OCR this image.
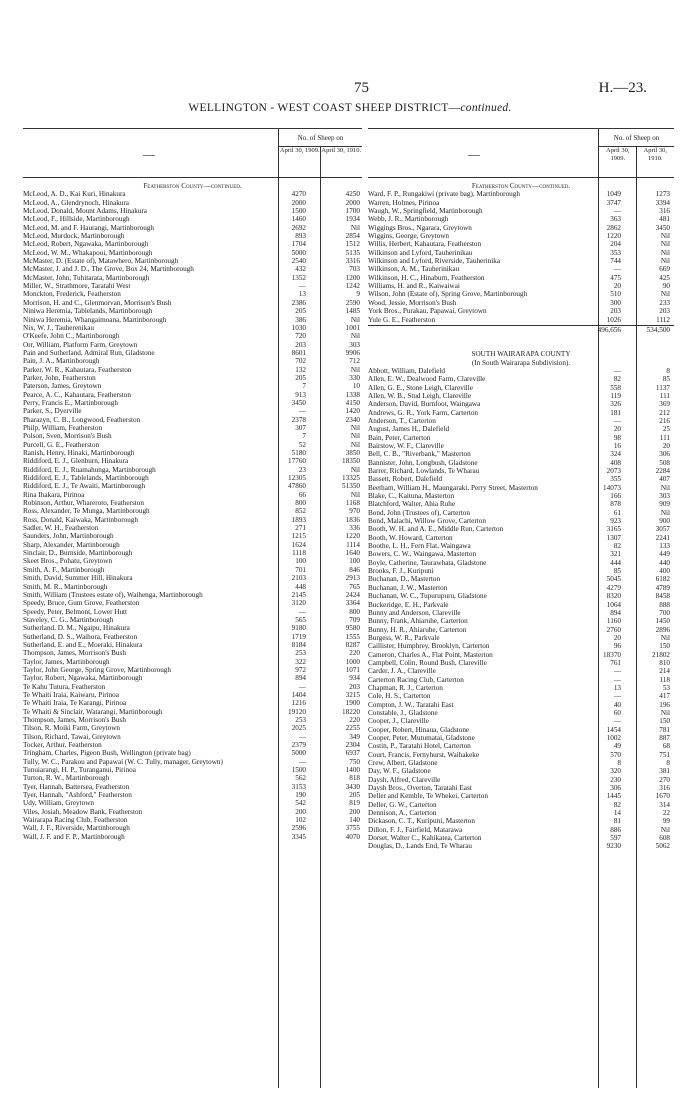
75	H.—23.
WELLINGTON - WEST COAST SHEEP DISTRICT—continued.
—
No. of Sheep on
April 30, 1909. April 30, 1910.
Featherston County—continued.
McLeod, A. D., Kai Kuri, Hinakura	4270	4250
McLeod, A., Glendrynoch, Hinakura	2000	2000
McLeod, Donald, Mount Adams, Hinakura	1500	1700
McLeod, F., Hillside, Martinborough	1460	1934
McLeod, M. and F. Haurangi, Martinborough	2692	Nil
McLeod, Murdock, Martinborough	893	2854
McLeod, Robert, Ngawaka, Martinborough	1704	1512
McLeod, W. M., Whakapoui, Martinborough	5000	5135
McMaster, D. (Estate of), Matawhero, Martinborough	2540	3316
McMaster, J. and J. D., The Grove, Box 24, Martinborough	432	703
McMaster, John, Tuhitarata, Martinborough	1352	1200
Miller, W., Strathmore, Taratahi West	—	1242
Monckton, Frederick, Featherston	13	9
Morrison, H. and C., Glenmorvan, Morrison's Bush	2386	2590
Niniwa Heremia, Tablelands, Martinborough	205	1485
Niniwa Heremia, Whangaimoana, Martinborough	386	Nil
Nix, W. J., Tauherenikau	1030	1001
O'Keefe, John C., Martinborough	720	Nil
Orr, William, Platform Farm, Greytown	203	303
Pain and Sutherland, Admiral Run, Gladstone	8601	9906
Pain, J. A., Martinborough	702	712
Parker, W. R., Kahautara, Featherston	132	Nil
Parker, John, Featherston	205	330
Paterson, James, Greytown	7	10
Pearce, A. C., Kahautara, Featherston	913	1338
Perry, Francis E., Martinborough	3450	4150
Parker, S., Dyerville	—	1420
Pharazyn, C. B., Longwood, Featherston	2378	2340
Philp, William, Featherston	307	Nil
Polson, Sven, Morrison's Bush	7	Nil
Purcell, G. E., Featherston	52	Nil
Ranish, Henry, Hinaki, Martinborough	5180	3850
Riddiford, E. J., Glenburn, Hinakura	17760	18350
Riddiford, E. J., Ruamahunga, Martinborough	23	Nil
Riddiford, E. J., Tablelands, Martinborough	12305	13325
Riddiford, E. J., Te Awaiti, Martinborough	47860	51350
Rina Ihakara, Pirinoa	66	Nil
Robinson, Arthur, Whareroto, Featherston	800	1168
Ross, Alexander, Te Munga, Martinborough	852	970
Ross, Donald, Kaiwaka, Martinborough	1893	1836
Sadler, W. H., Featherston	271	336
Saunders, John, Martinborough	1215	1220
Sharp, Alexander, Martinborough	1624	1114
Sinclair, D., Burnside, Martinborough	1118	1640
Skeet Bros., Pohatu, Greytown	100	100
Smith, A. F., Martinborough	701	846
Smith, David, Summer Hill, Hinakura	2103	2913
Smith, M. R., Martinborough	448	765
Smith, William (Trustees estate of), Waihenga, Martinborough	2145	2424
Speedy, Bruce, Gum Grove, Featherston	3120	3364
Speedy, Peter, Belmont, Lower Hutt	—	800
Staveley, C. G., Martinborough	565	709
Sutherland, D. M., Ngaipu, Hinakura	9180	9580
Sutherland, D. S., Waihora, Featherston	1719	1555
Sutherland, E. and E., Moeraki, Hinakura	8184	8287
Thompson, James, Morrison's Bush	253	220
Taylor, James, Martinborough	322	1000
Taylor, John George, Spring Grove, Martinborough	972	1071
Taylor, Robert, Ngawaka, Martinborough	894	934
Te Kahu Tutura, Featherston	—	203
Te Whaiti Iraia, Kaiwaru, Pirinoa	1404	3215
Te Whaiti Iraia, Te Karangi, Pirinoa	1216	1900
Te Whaiti & Sinclair, Watarangi, Martinborough	19120	18220
Thompson, James, Morrison's Bush	253	220
Tilson, R. Moiki Farm, Greytown	2025	2255
Tilson, Richard, Tawai, Greytown	—	349
Tocker, Arthur, Featherston	2379	2304
Tringham, Charles, Pigeon Bush, Wellington (private bag)	5000	6937
Tully, W. C., Parakou and Papawai (W. C. Tully, manager, Greytown)	—	750
Tunuiarangi, H. P., Turanganui, Pirinoa	1500	1400
Turton, R. W., Martinborough	562	818
Tyer, Hannah, Battersea, Featherston	3153	3430
Tyer, Hannah, "Ashford," Featherston	190	205
Udy, William, Greytown	542	819
Viles, Josiah, Meadow Bank, Featherston	200	200
Wairarapa Racing Club, Featherston	102	140
Wall, J. F., Riverside, Martinborough	2596	3755
Wall, J. F. and F. P., Martinborough	3345	4070
—
No. of Sheep on
April 30, 1909.
April 30, 1910.
Featherston County—continued.
Ward, F. P., Rungakiwi (private bag), Martinborough	1049	1273
Warren, Holmes, Pirinoa	3747	3394
Waugh, W., Springfield, Martinborough	—	316
Webb, J. R., Martinborough	363	481
Wiggings Bros., Ngarara, Greytown	2862	3450
Wiggins, George, Greytown	1220	Nil
Willis, Herbert, Kahautara, Featherston	204	Nil
Wilkinson and Lyford, Tauherinikau	353	Nil
Wilkinson and Lyford, Riverside, Tauherinika	744	Nil
Wilkinson, A. M., Tauherinikau	—	669
Wilkinson, H. C., Hinaburn, Featherston	475	425
Williams, H. and R., Kaiwaiwai	20	90
Wilson, John (Estate of), Spring Grove, Martinborough	510	Nil
Wood, Jessie, Morrison's Bush	300	233
York Bros., Purakau, Papawai, Greytown	203	203
Yule G. E., Featherston	1026	1112
496,656	534,500
SOUTH WAIRARAPA COUNTY
(In South Wairarapa Subdivision).
Abbott, William, Dalefield	—	8
Allen, E. W., Dealwood Farm, Clareville	82	85
Allen, G. E., Stone Leigh, Clareville	558	1137
Allen, W. B., Stud Leigh, Clareville	119	111
Anderson, David, Burnfoot, Waingawa	326	369
Andrews, G. R., York Farm, Carterton	181	212
Anderson, T., Carterton	—	216
August, James H., Dalefield	20	25
Bain, Peter, Carterton	98	111
Bairstow, W. F., Clareville	16	20
Bell, C. B., "Riverbank," Masterton	324	306
Bannister, John, Longbush, Gladstone	408	508
Barrer, Richard, Lowlands, Te Wharau	2073	2284
Bassett, Robert, Dalefield	355	407
Beetham, William H., Maungaraki, Perry Street, Masterton	14073	Nil
Blake, C., Kaituna, Masterton	166	303
Blatchford, Walter, Ahia Ruhe	878	909
Bond, John (Trustees of), Carterton	61	Nil
Bond, Malachi, Willow Grove, Carterton	923	900
Booth, W. H. and A. E., Middle Run, Carterton	3165	3057
Booth, W. Howard, Carterton	1307	2241
Boothe, L. H., Fern Flat, Waingawa	82	133
Bowers, C. W., Waingawa, Masterton	321	449
Boyle, Catherine, Taurawhata, Gladstone	444	440
Brooks, F. J., Kuripuni	85	400
Buchanan, D., Masterton	5045	6182
Buchanan, J. W., Masterton	4279	4789
Buchanan, W. C., Tupurupuru, Gladstone	8320	8458
Buckeridge, E. H., Parkvale	1064	888
Bunny and Anderson, Clareville	894	700
Bunny, Frank, Ahiaruhe, Carterton	1160	1450
Bunny, H. R., Ahiaruhe, Carterton	2760	2896
Burgess, W. R., Parkvale	20	Nil
Caillister, Humphrey, Brooklyn, Carterton	96	150
Cameron, Charles A., Flat Point, Masterton	18370	21802
Campbell, Colin, Round Bush, Clareville	761	810
Carder, J. A., Clareville	—	214
Carterton Racing Club, Carterton	—	118
Chapman, R. J., Carterton	13	53
Cole, H. S., Carterton	—	417
Compton, J. W., Taratahi East	40	196
Constable, J., Gladstone	60	Nil
Cooper, J., Clareville	—	150
Cooper, Robert, Hinaua, Gladstone	1454	781
Cooper, Peter, Mutumatai, Gladstone	1002	887
Costin, P., Taratahi Hotel, Carterton	49	68
Court, Francis, Fernyhurst, Waihakeke	570	751
Crew, Albert, Gladstone	8	8
Day, W. F., Gladstone	320	381
Daysh, Alfred, Clareville	230	270
Daysh Bros., Overton, Taratahi East	306	316
Deller and Kemble, Te Whekei, Carterton	1445	1670
Deller, G. W., Carterton	82	314
Dennison, A., Carterton	14	22
Dickason, C. T., Kuripuni, Masterton	81	99
Dillon, F. J., Fairfield, Matarawa	886	Nil
Dorset, Walter C., Kahikatea, Carterton	597	608
Douglas, D., Lands End, Te Wharau	9230	5062
